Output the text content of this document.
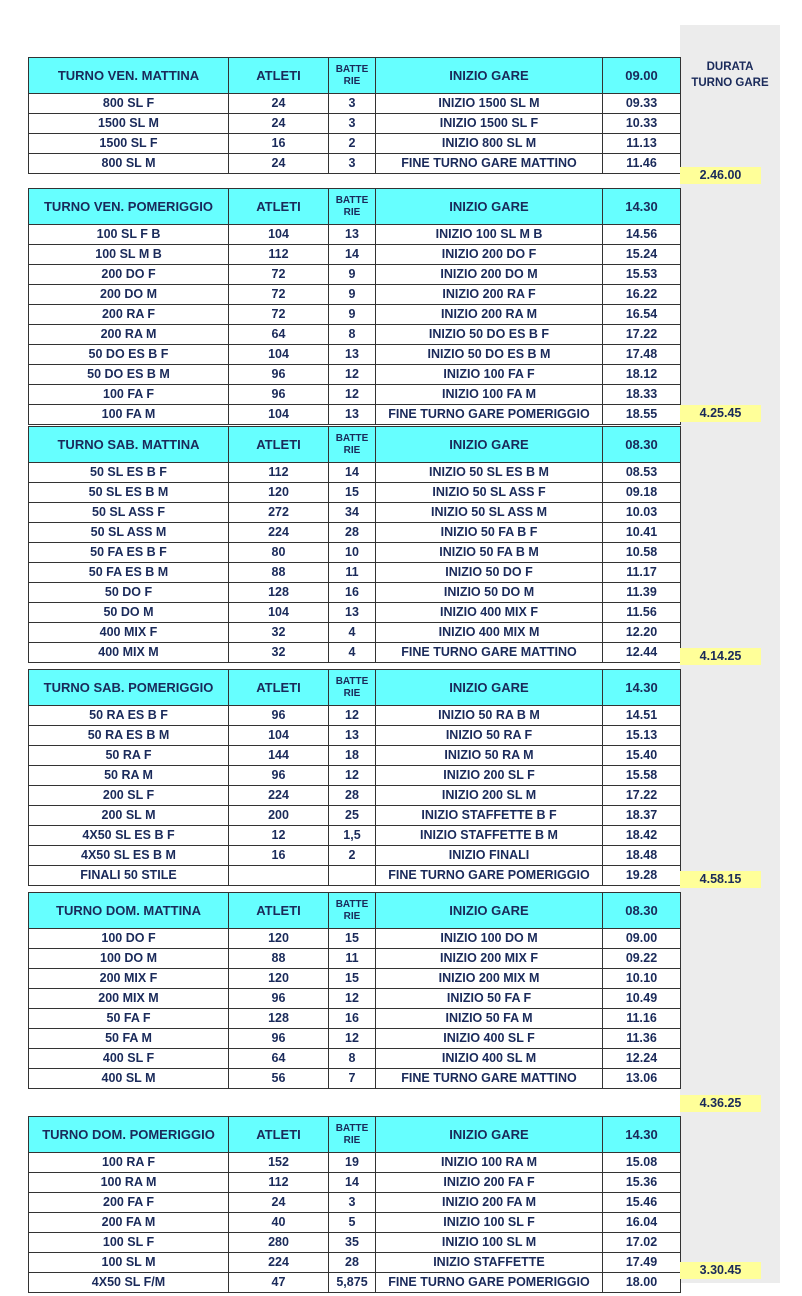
DURATA
TURNO GARE
TURNO VEN. MATTINA	ATLETI	BATTE
RIE	INIZIO GARE	09.00
800 SL F	24	3	INIZIO 1500 SL M	09.33
1500 SL M	24	3	INIZIO 1500 SL F	10.33
1500 SL F	16	2	INIZIO 800 SL M	11.13
800 SL M	24	3	FINE TURNO GARE MATTINO	11.46
TURNO VEN. POMERIGGIO	ATLETI	BATTE
RIE	INIZIO GARE	14.30
100 SL F B	104	13	INIZIO 100 SL M B	14.56
100 SL M B	112	14	INIZIO 200 DO F	15.24
200 DO F	72	9	INIZIO 200 DO M	15.53
200 DO M	72	9	INIZIO 200 RA F	16.22
200 RA F	72	9	INIZIO 200 RA M	16.54
200 RA M	64	8	INIZIO 50 DO ES B F	17.22
50 DO ES B F	104	13	INIZIO 50 DO ES B M	17.48
50 DO ES B M	96	12	INIZIO 100 FA F	18.12
100 FA F	96	12	INIZIO 100 FA M	18.33
100 FA M	104	13	FINE TURNO GARE POMERIGGIO	18.55
TURNO SAB. MATTINA	ATLETI	BATTE
RIE	INIZIO GARE	08.30
50 SL ES B F	112	14	INIZIO 50 SL ES B M	08.53
50 SL ES B M	120	15	INIZIO 50 SL ASS F	09.18
50 SL ASS F	272	34	INIZIO 50 SL ASS M	10.03
50 SL ASS M	224	28	INIZIO 50 FA B F	10.41
50 FA ES B F	80	10	INIZIO 50 FA B M	10.58
50 FA ES B M	88	11	INIZIO 50 DO F	11.17
50 DO F	128	16	INIZIO 50 DO M	11.39
50 DO M	104	13	INIZIO 400 MIX F	11.56
400 MIX F	32	4	INIZIO 400 MIX M	12.20
400 MIX M	32	4	FINE TURNO GARE MATTINO	12.44
TURNO SAB. POMERIGGIO	ATLETI	BATTE
RIE	INIZIO GARE	14.30
50 RA ES B F	96	12	INIZIO 50 RA B M	14.51
50 RA ES B M	104	13	INIZIO 50 RA F	15.13
50 RA F	144	18	INIZIO 50 RA M	15.40
50 RA M	96	12	INIZIO 200 SL F	15.58
200 SL F	224	28	INIZIO 200 SL M	17.22
200 SL M	200	25	INIZIO STAFFETTE B F	18.37
4X50 SL ES B F	12	1,5	INIZIO STAFFETTE B M	18.42
4X50 SL ES B M	16	2	INIZIO FINALI	18.48
FINALI 50 STILE			FINE TURNO GARE POMERIGGIO	19.28
TURNO DOM. MATTINA	ATLETI	BATTE
RIE	INIZIO GARE	08.30
100 DO F	120	15	INIZIO 100 DO M	09.00
100 DO M	88	11	INIZIO 200 MIX F	09.22
200 MIX F	120	15	INIZIO 200 MIX M	10.10
200 MIX M	96	12	INIZIO 50 FA F	10.49
50 FA F	128	16	INIZIO 50 FA M	11.16
50 FA M	96	12	INIZIO 400 SL F	11.36
400 SL F	64	8	INIZIO 400 SL M	12.24
400 SL M	56	7	FINE TURNO GARE MATTINO	13.06
TURNO DOM. POMERIGGIO	ATLETI	BATTE
RIE	INIZIO GARE	14.30
100 RA F	152	19	INIZIO 100 RA M	15.08
100 RA M	112	14	INIZIO 200 FA F	15.36
200 FA F	24	3	INIZIO 200 FA M	15.46
200 FA M	40	5	INIZIO 100 SL F	16.04
100 SL F	280	35	INIZIO 100 SL M	17.02
100 SL M	224	28	INIZIO STAFFETTE	17.49
4X50 SL F/M	47	5,875	FINE TURNO GARE POMERIGGIO	18.00
2.46.00
4.25.45
4.14.25
4.58.15
4.36.25
3.30.45
